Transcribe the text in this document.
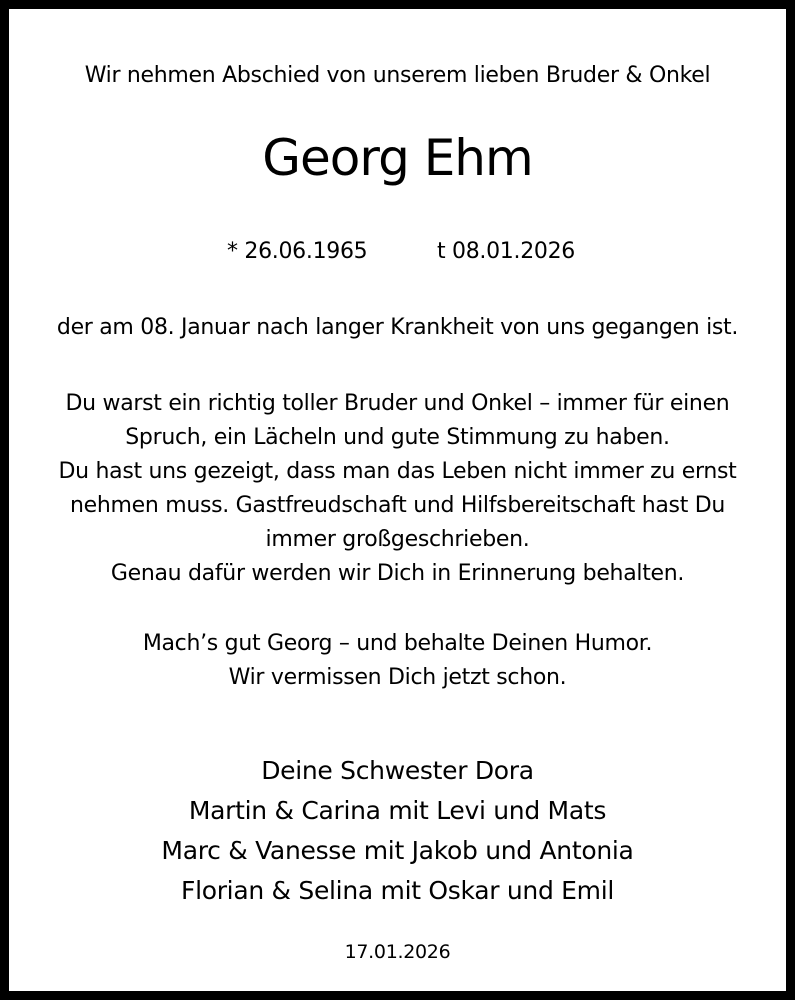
Wir nehmen Abschied von unserem lieben Bruder & Onkel
Georg Ehm
* 26.06.1965	t 08.01.2026
der am 08. Januar nach langer Krankheit von uns gegangen ist.
Du warst ein richtig toller Bruder und Onkel – immer für einen
Spruch, ein Lächeln und gute Stimmung zu haben.
Du hast uns gezeigt, dass man das Leben nicht immer zu ernst
nehmen muss. Gastfreudschaft und Hilfsbereitschaft hast Du
immer großgeschrieben.
Genau dafür werden wir Dich in Erinnerung behalten.
Mach’s gut Georg – und behalte Deinen Humor.
Wir vermissen Dich jetzt schon.
Deine Schwester Dora
Martin & Carina mit Levi und Mats
Marc & Vanesse mit Jakob und Antonia
Florian & Selina mit Oskar und Emil
17.01.2026
